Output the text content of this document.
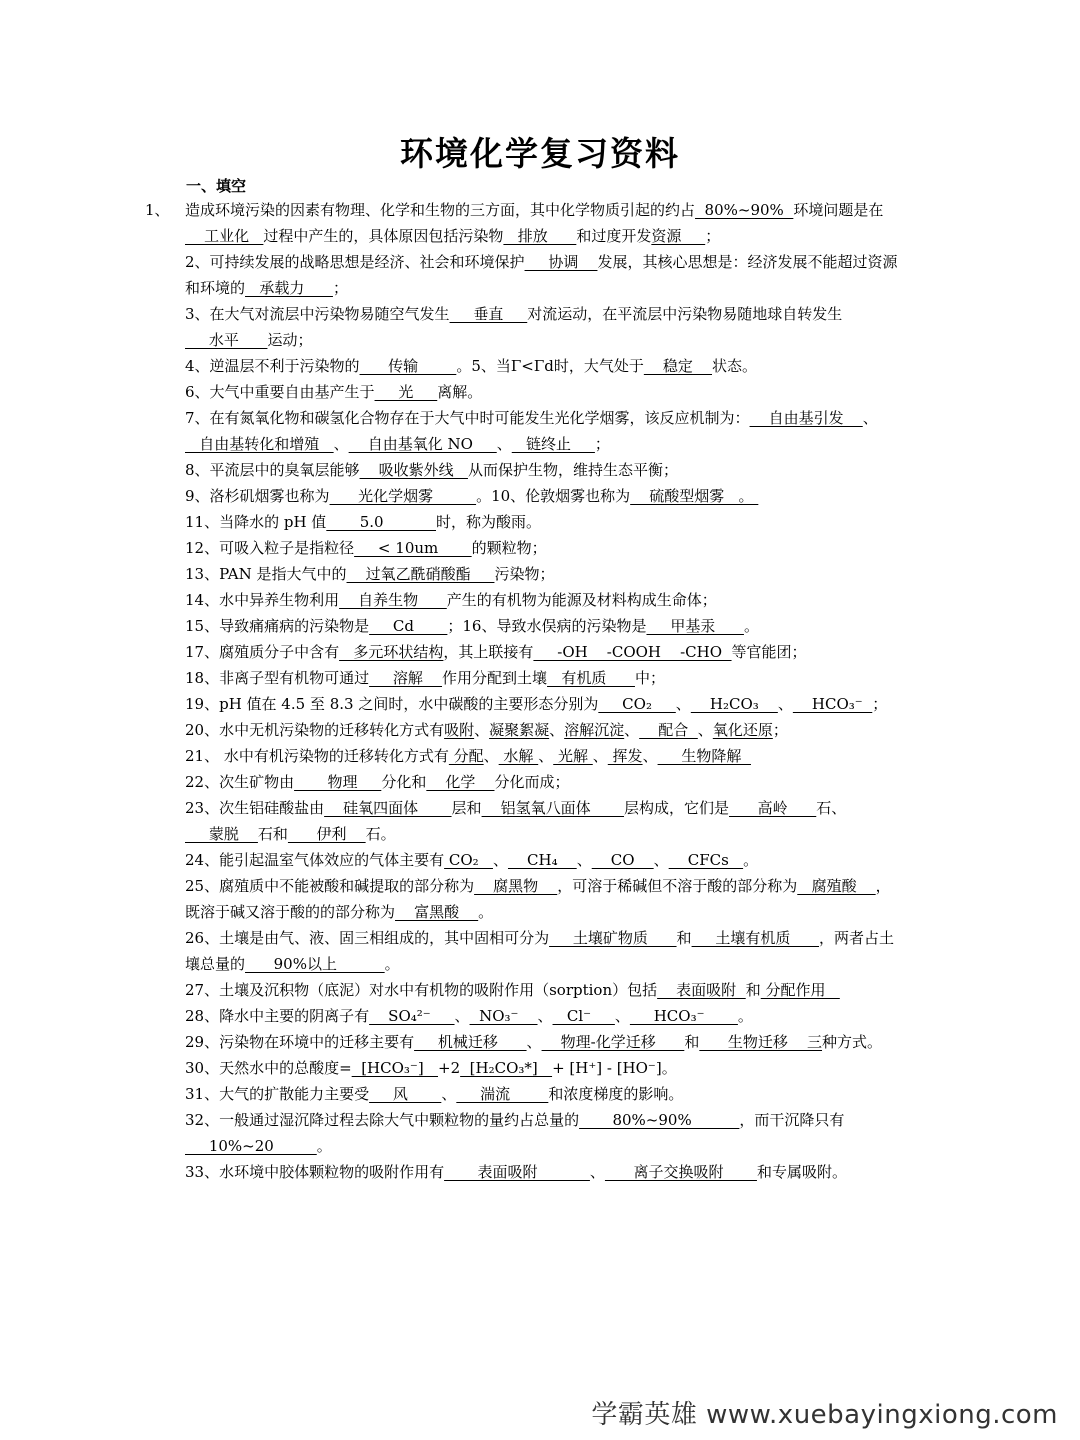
环境化学复习资料
一、填空

1、 造成环境污染的因素有物理、化学和生物的三方面，其中化学物质引起的约占  80%~90%  环境问题是在    工业化   过程中产生的，具体原因包括污染物   排放      和过度开发资源     ；

2、可持续发展的战略思想是经济、社会和环境保护     协调    发展，其核心思想是：经济发展不能超过资源和环境的   承载力      ；

3、在大气对流层中污染物易随空气发生     垂直     对流运动，在平流层中污染物易随地球自转发生     水平      运动；

4、逆温层不利于污染物的      传输        。5、当Γ<Γd时，大气处于    稳定    状态。

6、大气中重要自由基产生于     光     离解。

7、在有氮氧化物和碳氢化合物存在于大气中时可能发生光化学烟雾，该反应机制为：    自由基引发    、   自由基转化和增殖   、    自由基氧化 NO     、   链终止     ；

8、平流层中的臭氧层能够    吸收紫外线   从而保护生物，维持生态平衡；

9、洛杉矶烟雾也称为      光化学烟雾         。10、伦敦烟雾也称为    硫酸型烟雾   。

11、当降水的 pH 值       5.0           时，称为酸雨。

12、可吸入粒子是指粒径     < 10um       的颗粒物；

13、PAN 是指大气中的    过氧乙酰硝酸酯     污染物；

14、水中异养生物利用    自养生物      产生的有机物为能源及材料构成生命体；

15、导致痛痛病的污染物是     Cd       ；16、导致水俣病的污染物是     甲基汞      。

17、腐殖质分子中含有   多元环状结构，其上联接有     -OH    -COOH    -CHO  等官能团；

18、非离子型有机物可通过     溶解    作用分配到土壤   有机质      中；

19、pH 值在 4.5 至 8.3 之间时，水中碳酸的主要形态分别为     CO₂     、    H₂CO₃    、    HCO₃⁻  ；

20、水中无机污染物的迁移转化方式有吸附、凝聚絮凝、溶解沉淀、    配合  、氧化还原；

21、 水中有机污染物的迁移转化方式有 分配、 水解 、 光解 、 挥发、     生物降解

22、次生矿物由       物理     分化和    化学    分化而成；

23、次生铝硅酸盐由    硅氧四面体       层和    铝氢氧八面体       层构成，它们是      高岭      石、     蒙脱    石和      伊利    石。

24、能引起温室气体效应的气体主要有 CO₂   、    CH₄    、    CO    、    CFCs   。

25、腐殖质中不能被酸和碱提取的部分称为    腐黑物    ，可溶于稀碱但不溶于酸的部分称为   腐殖酸    ，既溶于碱又溶于酸的的部分称为    富黑酸    。

26、土壤是由气、液、固三相组成的，其中固相可分为     土壤矿物质      和     土壤有机质      ，两者占土壤总量的      90%以上          。

27、土壤及沉积物（底泥）对水中有机物的吸附作用（sorption）包括    表面吸附  和 分配作用

28、降水中主要的阴离子有    SO₄²⁻     、  NO₃⁻    、   Cl⁻     、     HCO₃⁻       。

29、污染物在环境中的迁移主要有     机械迁移      、    物理-化学迁移      和      生物迁移    三种方式。

30、天然水中的总酸度=  [HCO₃⁻]   +2  [H₂CO₃*]   + [H⁺] - [HO⁻]。

31、大气的扩散能力主要受     风       、     湍流        和浓度梯度的影响。

32、一般通过湿沉降过程去除大气中颗粒物的量约占总量的       80%~90%          ，而干沉降只有     10%~20         。

33、水环境中胶体颗粒物的吸附作用有       表面吸附           、      离子交换吸附       和专属吸附。

学霸英雄 www.xuebayingxiong.com
